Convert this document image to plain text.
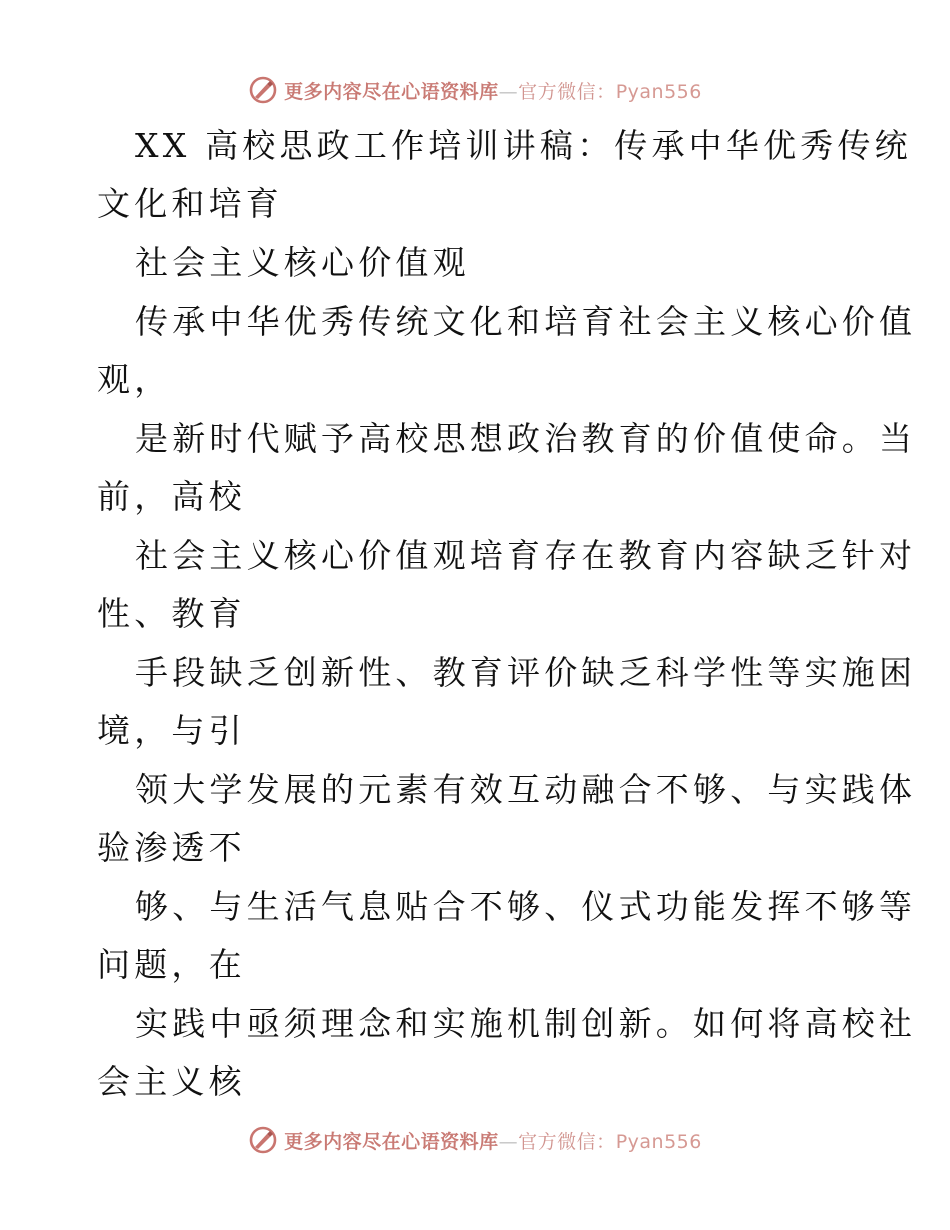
更多内容尽在心语资料库—官方微信：Pyan556
XX 高校思政工作培训讲稿：传承中华优秀传统
文化和培育
社会主义核心价值观
传承中华优秀传统文化和培育社会主义核心价值
观，
是新时代赋予高校思想政治教育的价值使命。当
前，高校
社会主义核心价值观培育存在教育内容缺乏针对
性、教育
手段缺乏创新性、教育评价缺乏科学性等实施困
境，与引
领大学发展的元素有效互动融合不够、与实践体
验渗透不
够、与生活气息贴合不够、仪式功能发挥不够等
问题，在
实践中亟须理念和实施机制创新。如何将高校社
会主义核
更多内容尽在心语资料库—官方微信：Pyan556
